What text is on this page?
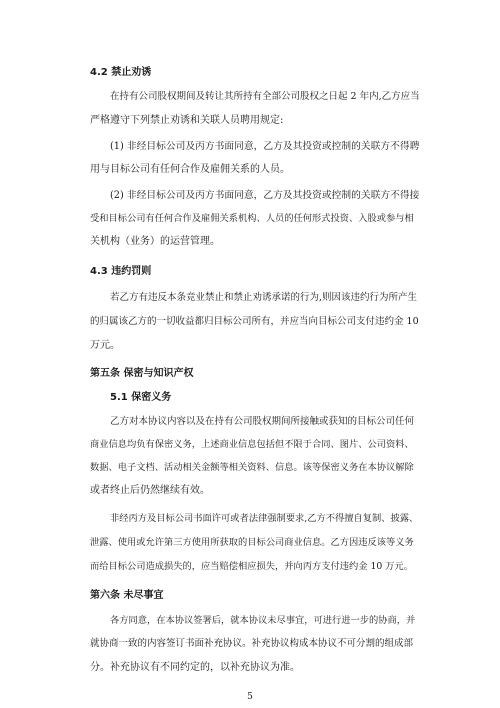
4.2 禁止劝诱

在持有公司股权期间及转让其所持有全部公司股权之日起 2 年内,乙方应当

严格遵守下列禁止劝诱和关联人员聘用规定:

(1) 非经目标公司及丙方书面同意，乙方及其投资或控制的关联方不得聘

用与目标公司有任何合作及雇佣关系的人员。

(2) 非经目标公司及丙方书面同意，乙方及其投资或控制的关联方不得接

受和目标公司有任何合作及雇佣关系机构、人员的任何形式投资、入股或参与相

关机构（业务）的运营管理。

4.3 违约罚则

若乙方有违反本条竞业禁止和禁止劝诱承诺的行为,则因该违约行为所产生

的归属该乙方的一切收益都归目标公司所有，并应当向目标公司支付违约金 10

万元。

第五条 保密与知识产权

5.1 保密义务

乙方对本协议内容以及在持有公司股权期间所接触或获知的目标公司任何

商业信息均负有保密义务，上述商业信息包括但不限于合同、图片、公司资料、

数据、电子文档、活动相关金额等相关资料、信息。该等保密义务在本协议解除

或者终止后仍然继续有效。

非经丙方及目标公司书面许可或者法律强制要求,乙方不得擅自复制、披露、

泄露、使用或允许第三方使用所获取的目标公司商业信息。乙方因违反该等义务

而给目标公司造成损失的，应当赔偿相应损失，并向丙方支付违约金 10 万元。

第六条 未尽事宜

各方同意，在本协议签署后，就本协议未尽事宜，可进行进一步的协商，并

就协商一致的内容签订书面补充协议。补充协议构成本协议不可分割的组成部

分。补充协议有不同约定的，以补充协议为准。

5
